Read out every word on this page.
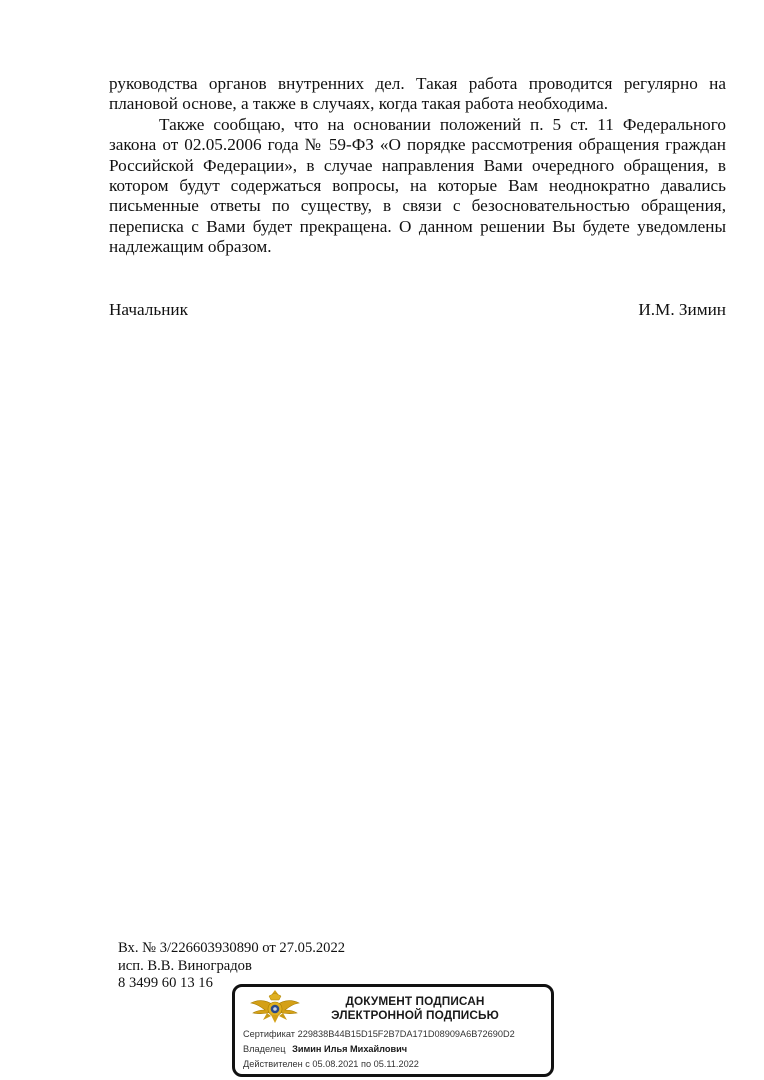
руководства органов внутренних дел. Такая работа проводится регулярно на плановой основе, а также в случаях, когда такая работа необходима.

Также сообщаю, что на основании положений п. 5 ст. 11 Федерального закона от 02.05.2006 года № 59-ФЗ «О порядке рассмотрения обращения граждан Российской Федерации», в случае направления Вами очередного обращения, в котором будут содержаться вопросы, на которые Вам неоднократно давались письменные ответы по существу, в связи с безосновательностью обращения, переписка с Вами будет прекращена. О данном решении Вы будете уведомлены надлежащим образом.

Начальник	И.М. Зимин
Вх. № 3/226603930890 от 27.05.2022
исп. В.В. Виноградов
8 3499 60 13 16
ДОКУМЕНТ ПОДПИСАН
ЭЛЕКТРОННОЙ ПОДПИСЬЮ
Сертификат 229838B44B15D15F2B7DA171D08909A6B72690D2
Владелец Зимин Илья Михайлович
Действителен с 05.08.2021 по 05.11.2022
